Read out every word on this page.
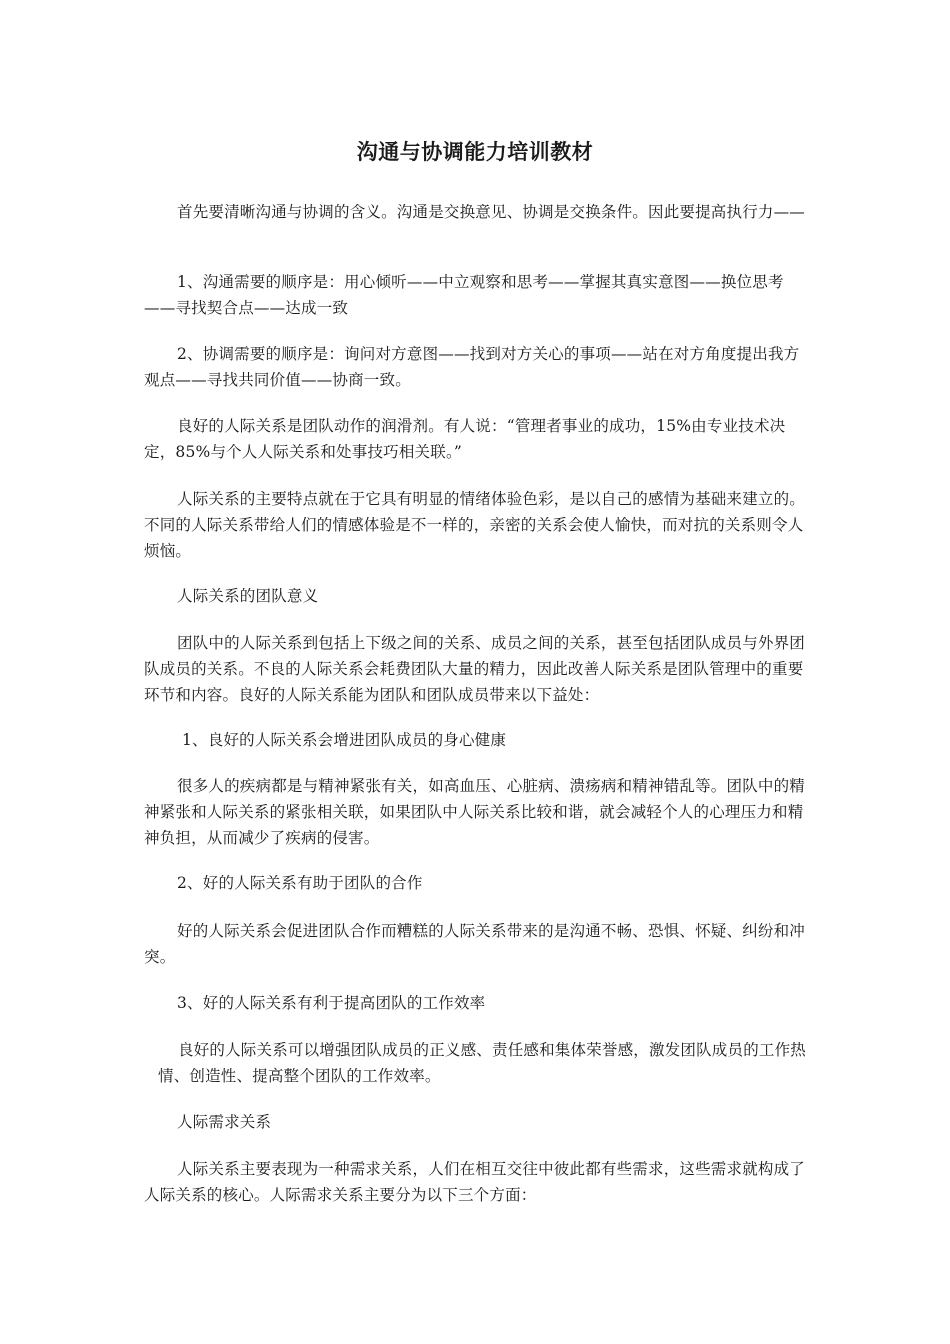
沟通与协调能力培训教材
首先要清晰沟通与协调的含义。沟通是交换意见、协调是交换条件。因此要提高执行力——
1、沟通需要的顺序是：用心倾听——中立观察和思考——掌握其真实意图——换位思考——寻找契合点——达成一致
2、协调需要的顺序是：询问对方意图——找到对方关心的事项——站在对方角度提出我方观点——寻找共同价值——协商一致。
良好的人际关系是团队动作的润滑剂。有人说：“管理者事业的成功，15%由专业技术决定，85%与个人人际关系和处事技巧相关联。”
人际关系的主要特点就在于它具有明显的情绪体验色彩，是以自己的感情为基础来建立的。不同的人际关系带给人们的情感体验是不一样的，亲密的关系会使人愉快，而对抗的关系则令人烦恼。
人际关系的团队意义
团队中的人际关系到包括上下级之间的关系、成员之间的关系，甚至包括团队成员与外界团队成员的关系。不良的人际关系会耗费团队大量的精力，因此改善人际关系是团队管理中的重要环节和内容。良好的人际关系能为团队和团队成员带来以下益处：
1、良好的人际关系会增进团队成员的身心健康
很多人的疾病都是与精神紧张有关，如高血压、心脏病、溃疡病和精神错乱等。团队中的精神紧张和人际关系的紧张相关联，如果团队中人际关系比较和谐，就会减轻个人的心理压力和精神负担，从而减少了疾病的侵害。
2、好的人际关系有助于团队的合作
好的人际关系会促进团队合作而糟糕的人际关系带来的是沟通不畅、恐惧、怀疑、纠纷和冲突。
3、好的人际关系有利于提高团队的工作效率
良好的人际关系可以增强团队成员的正义感、责任感和集体荣誉感，激发团队成员的工作热情、创造性、提高整个团队的工作效率。
人际需求关系
人际关系主要表现为一种需求关系，人们在相互交往中彼此都有些需求，这些需求就构成了人际关系的核心。人际需求关系主要分为以下三个方面：
